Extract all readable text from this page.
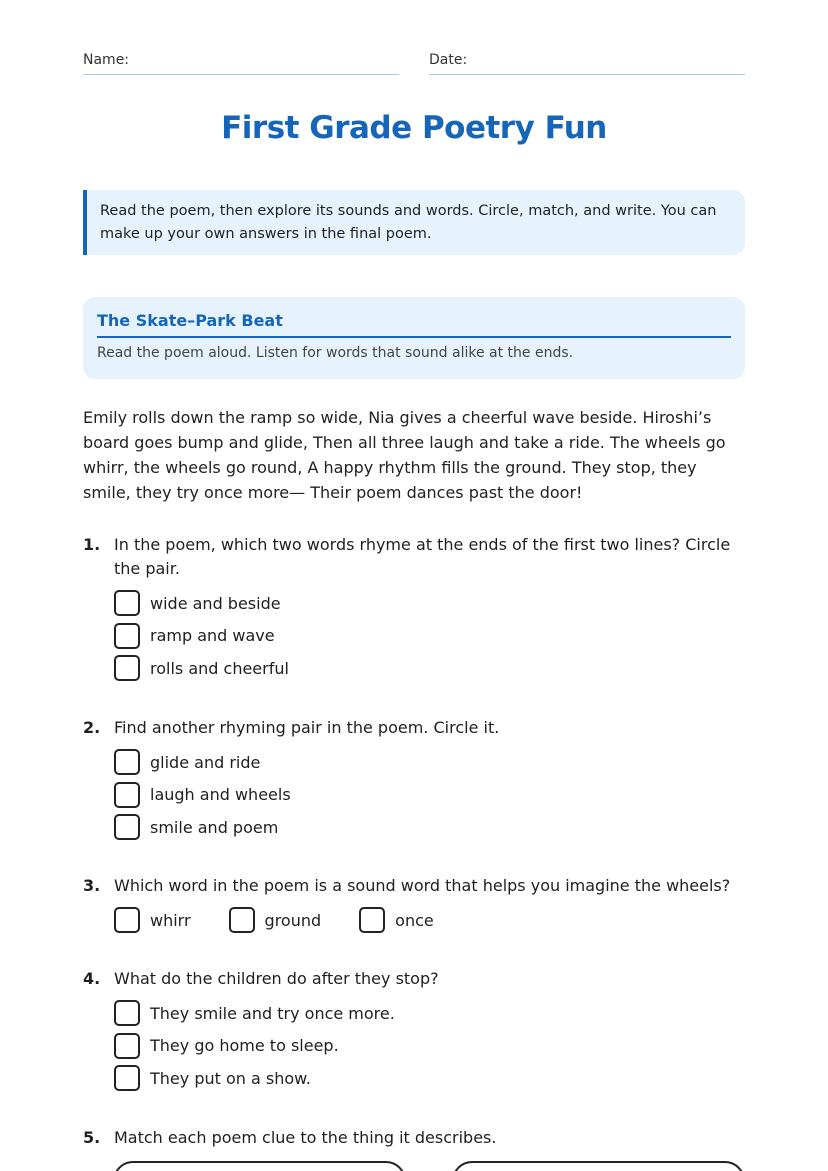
Name:	Date:
First Grade Poetry Fun
Read the poem, then explore its sounds and words. Circle, match, and write. You can make up your own answers in the final poem.
The Skate–Park Beat
Read the poem aloud. Listen for words that sound alike at the ends.
Emily rolls down the ramp so wide, Nia gives a cheerful wave beside. Hiroshi’s board goes bump and glide, Then all three laugh and take a ride. The wheels go whirr, the wheels go round, A happy rhythm fills the ground. They stop, they smile, they try once more— Their poem dances past the door!
1. In the poem, which two words rhyme at the ends of the first two lines? Circle the pair.
wide and beside
ramp and wave
rolls and cheerful
2. Find another rhyming pair in the poem. Circle it.
glide and ride
laugh and wheels
smile and poem
3. Which word in the poem is a sound word that helps you imagine the wheels?
whirr	ground	once
4. What do the children do after they stop?
They smile and try once more.
They go home to sleep.
They put on a show.
5. Match each poem clue to the thing it describes.
